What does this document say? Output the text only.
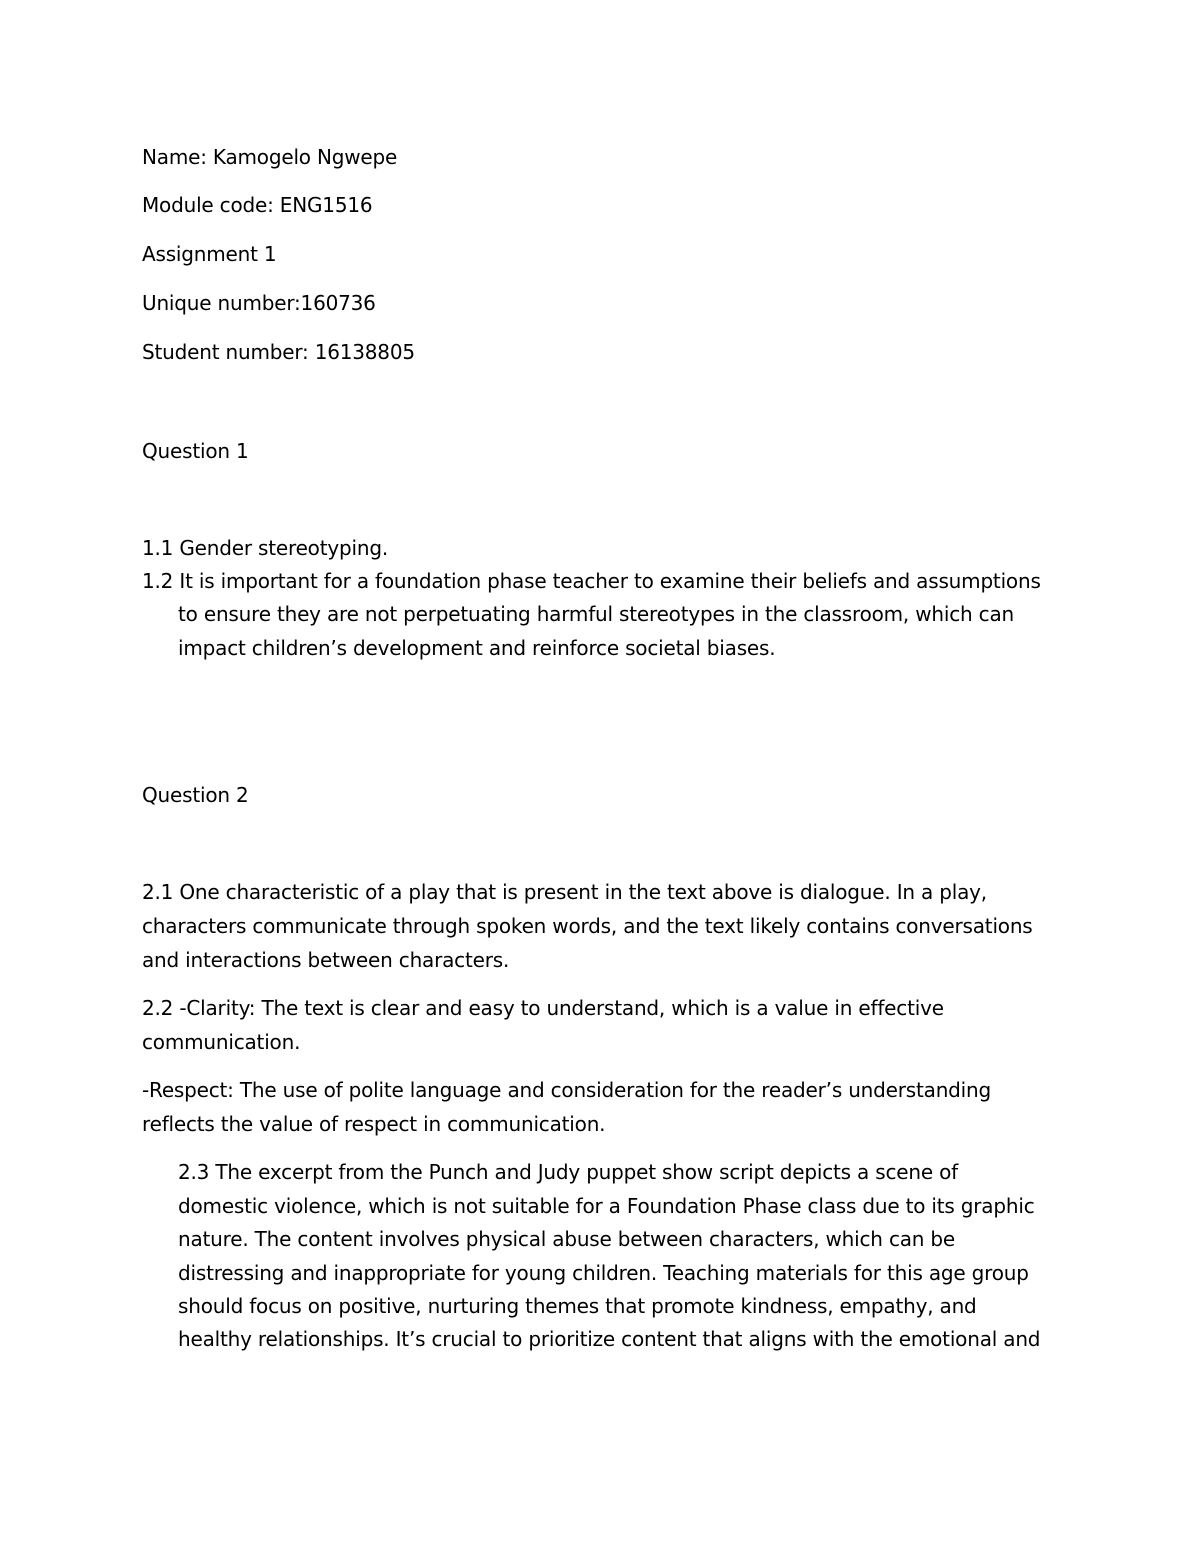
Name: Kamogelo Ngwepe
Module code: ENG1516
Assignment 1
Unique number:160736
Student number: 16138805
Question 1
1.1 Gender stereotyping.
1.2 It is important for a foundation phase teacher to examine their beliefs and assumptions
to ensure they are not perpetuating harmful stereotypes in the classroom, which can
impact children’s development and reinforce societal biases.
Question 2
2.1 One characteristic of a play that is present in the text above is dialogue. In a play,
characters communicate through spoken words, and the text likely contains conversations
and interactions between characters.
2.2 -Clarity: The text is clear and easy to understand, which is a value in effective
communication.
-Respect: The use of polite language and consideration for the reader’s understanding
reflects the value of respect in communication.
2.3 The excerpt from the Punch and Judy puppet show script depicts a scene of
domestic violence, which is not suitable for a Foundation Phase class due to its graphic
nature. The content involves physical abuse between characters, which can be
distressing and inappropriate for young children. Teaching materials for this age group
should focus on positive, nurturing themes that promote kindness, empathy, and
healthy relationships. It’s crucial to prioritize content that aligns with the emotional and
